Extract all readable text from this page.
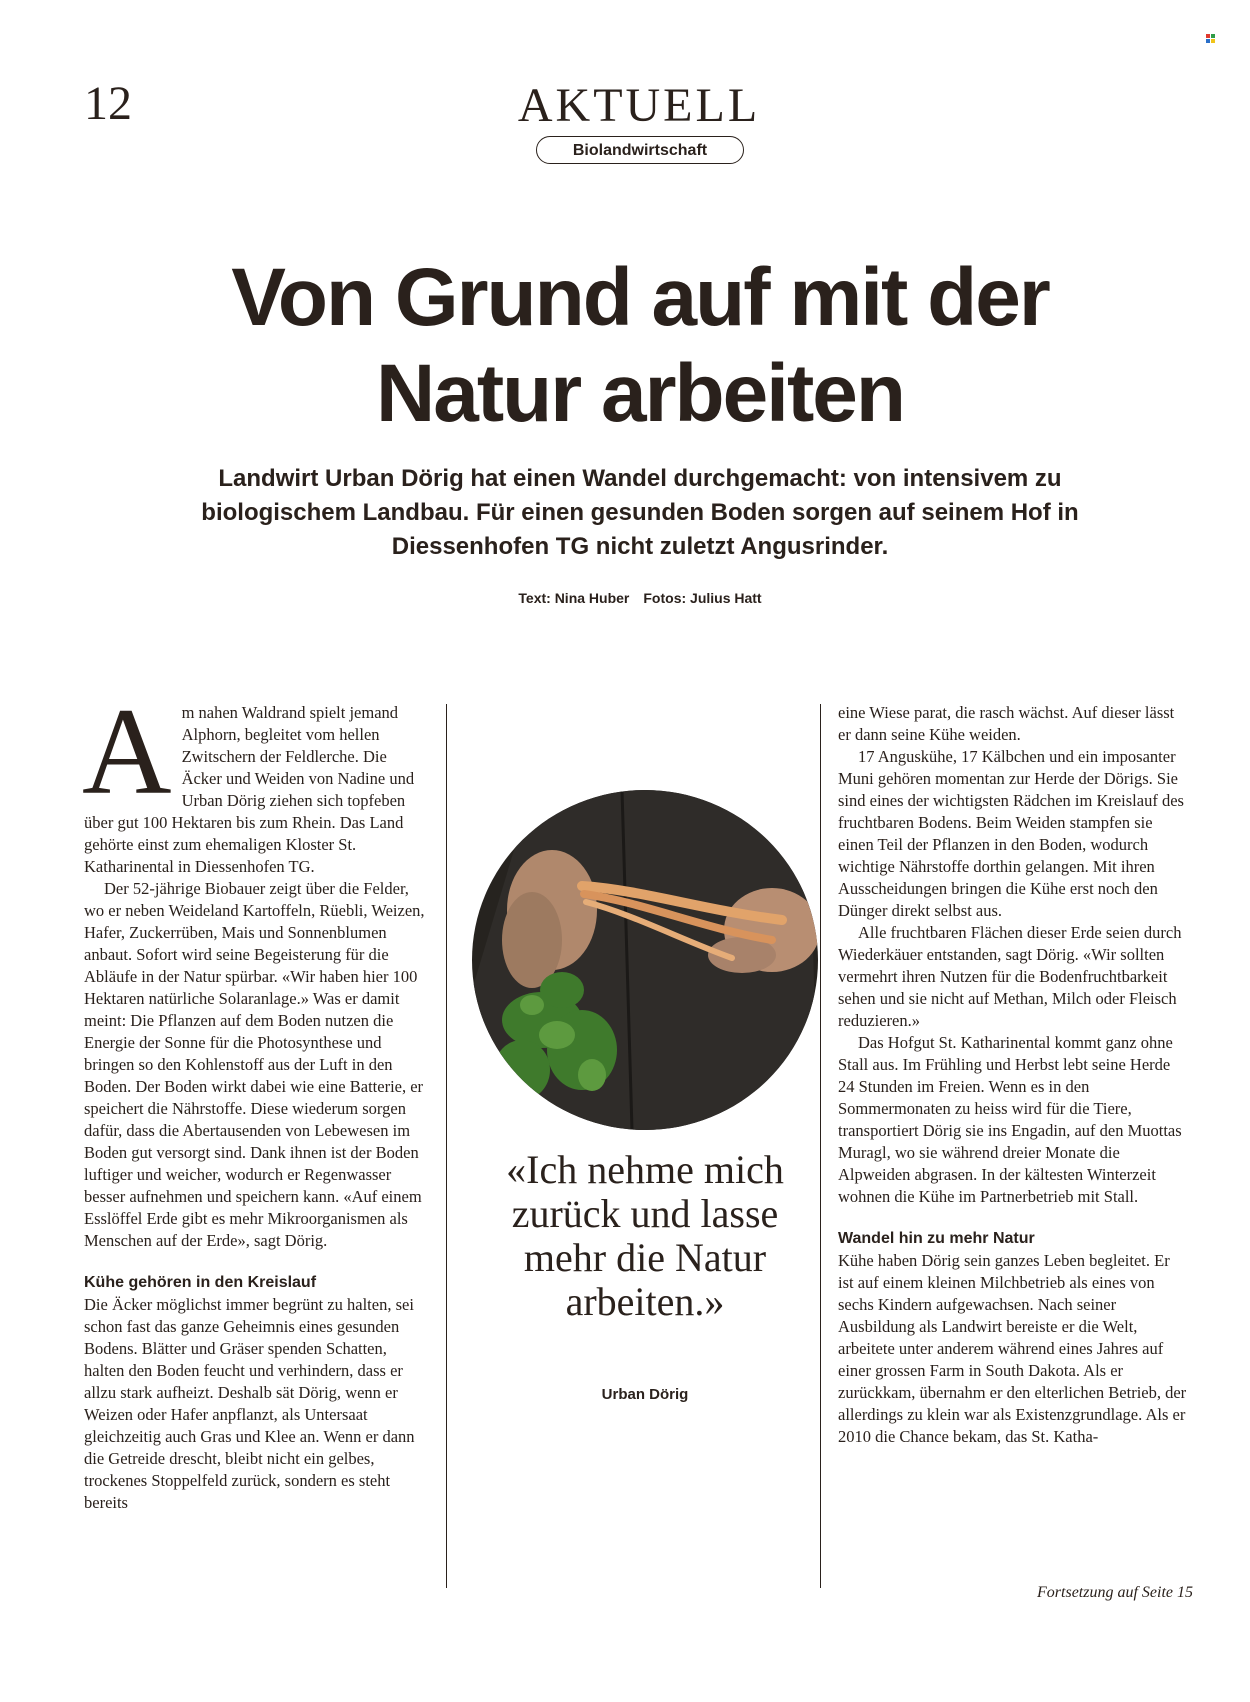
12	AKTUELL
Biolandwirtschaft
Von Grund auf mit der
Natur arbeiten
Landwirt Urban Dörig hat einen Wandel durchgemacht: von intensivem zu biologischem Landbau. Für einen gesunden Boden sorgen auf seinem Hof in Diessenhofen TG nicht zuletzt Angusrinder.
Text: Nina Huber Fotos: Julius Hatt

Am nahen Waldrand spielt jemand Alphorn, begleitet vom hellen Zwitschern der Feldlerche. Die Äcker und Weiden von Nadine und Urban Dörig ziehen sich topfeben über gut 100 Hektaren bis zum Rhein. Das Land gehörte einst zum ehemaligen Kloster St. Katharinental in Diessenhofen TG.

Der 52-jährige Biobauer zeigt über die Felder, wo er neben Weideland Kartoffeln, Rüebli, Weizen, Hafer, Zuckerrüben, Mais und Sonnenblumen anbaut. Sofort wird seine Begeisterung für die Abläufe in der Natur spürbar. «Wir haben hier 100 Hektaren natürliche Solaranlage.» Was er damit meint: Die Pflanzen auf dem Boden nutzen die Energie der Sonne für die Photosynthese und bringen so den Kohlenstoff aus der Luft in den Boden. Der Boden wirkt dabei wie eine Batterie, er speichert die Nährstoffe. Diese wiederum sorgen dafür, dass die Abertausenden von Lebewesen im Boden gut versorgt sind. Dank ihnen ist der Boden luftiger und weicher, wodurch er Regenwasser besser aufnehmen und speichern kann. «Auf einem Esslöffel Erde gibt es mehr Mikroorganismen als Menschen auf der Erde», sagt Dörig.

Kühe gehören in den Kreislauf

Die Äcker möglichst immer begrünt zu halten, sei schon fast das ganze Geheimnis eines gesunden Bodens. Blätter und Gräser spenden Schatten, halten den Boden feucht und verhindern, dass er allzu stark aufheizt. Deshalb sät Dörig, wenn er Weizen oder Hafer anpflanzt, als Untersaat gleichzeitig auch Gras und Klee an. Wenn er dann die Getreide drescht, bleibt nicht ein gelbes, trockenes Stoppelfeld zurück, sondern es steht bereits

«Ich nehme mich zurück und lasse mehr die Natur arbeiten.»
Urban Dörig

eine Wiese parat, die rasch wächst. Auf dieser lässt er dann seine Kühe weiden.

17 Anguskühe, 17 Kälbchen und ein imposanter Muni gehören momentan zur Herde der Dörigs. Sie sind eines der wichtigsten Rädchen im Kreislauf des fruchtbaren Bodens. Beim Weiden stampfen sie einen Teil der Pflanzen in den Boden, wodurch wichtige Nährstoffe dorthin gelangen. Mit ihren Ausscheidungen bringen die Kühe erst noch den Dünger direkt selbst aus.

Alle fruchtbaren Flächen dieser Erde seien durch Wiederkäuer entstanden, sagt Dörig. «Wir sollten vermehrt ihren Nutzen für die Bodenfruchtbarkeit sehen und sie nicht auf Methan, Milch oder Fleisch reduzieren.»

Das Hofgut St. Katharinental kommt ganz ohne Stall aus. Im Frühling und Herbst lebt seine Herde 24 Stunden im Freien. Wenn es in den Sommermonaten zu heiss wird für die Tiere, transportiert Dörig sie ins Engadin, auf den Muottas Muragl, wo sie während dreier Monate die Alpweiden abgrasen. In der kältesten Winterzeit wohnen die Kühe im Partnerbetrieb mit Stall.

Wandel hin zu mehr Natur

Kühe haben Dörig sein ganzes Leben begleitet. Er ist auf einem kleinen Milchbetrieb als eines von sechs Kindern aufgewachsen. Nach seiner Ausbildung als Landwirt bereiste er die Welt, arbeitete unter anderem während eines Jahres auf einer grossen Farm in South Dakota. Als er zurückkam, übernahm er den elterlichen Betrieb, der allerdings zu klein war als Existenzgrundlage. Als er 2010 die Chance bekam, das St. Katha-

Fortsetzung auf Seite 15
